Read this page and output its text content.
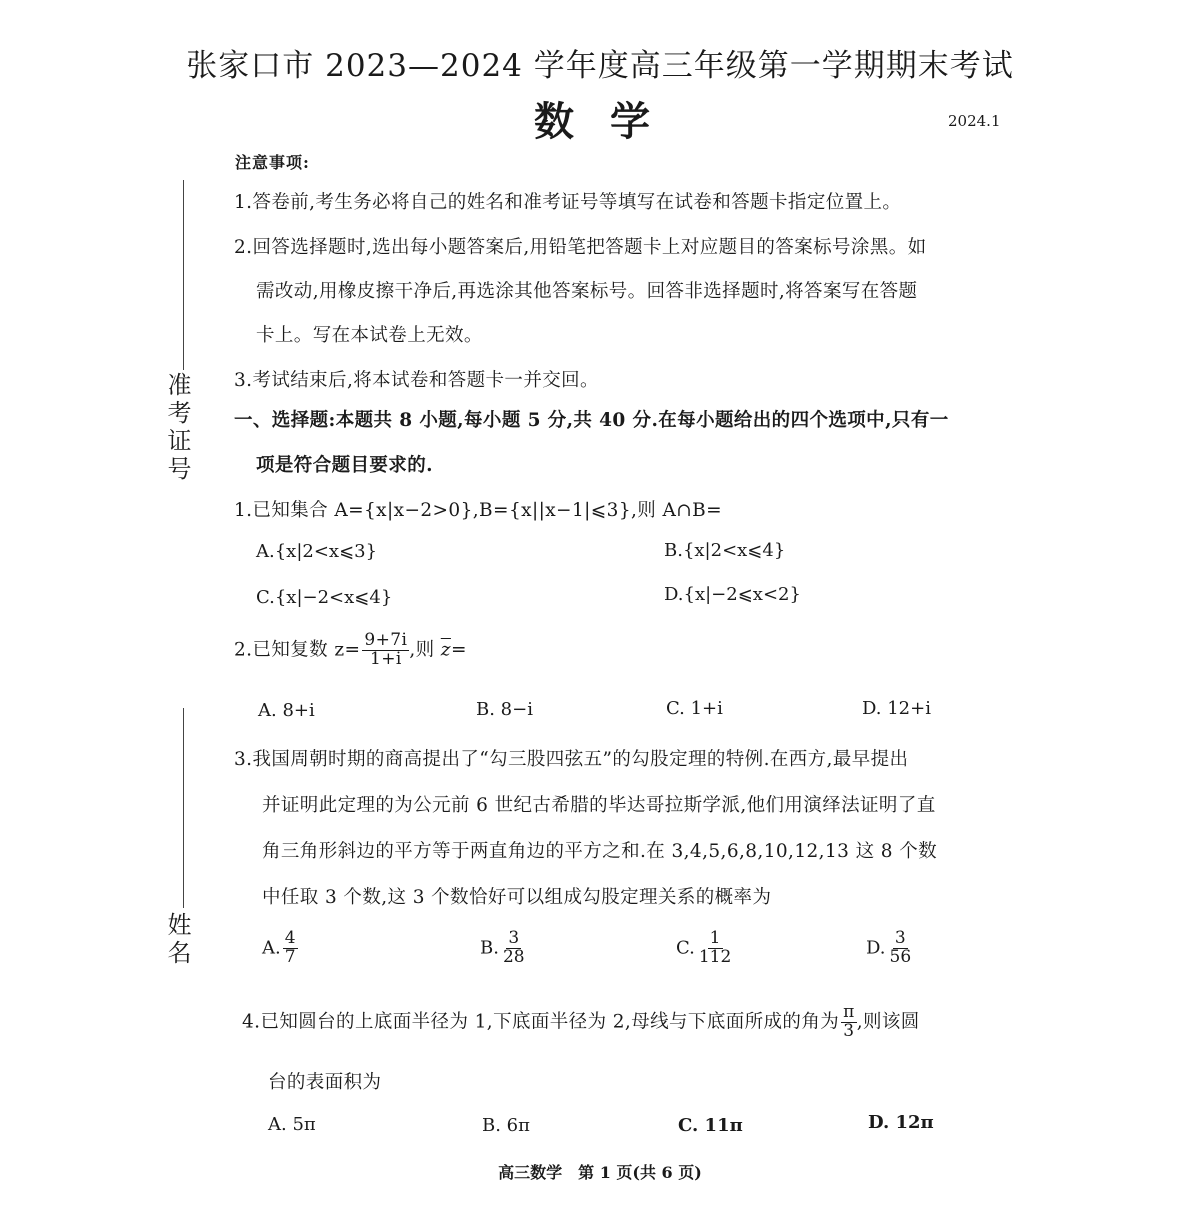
张家口市 2023—2024 学年度高三年级第一学期期末考试
数学	2024.1
准考证号
姓名
注意事项:
1.答卷前,考生务必将自己的姓名和准考证号等填写在试卷和答题卡指定位置上。
2.回答选择题时,选出每小题答案后,用铅笔把答题卡上对应题目的答案标号涂黑。如
需改动,用橡皮擦干净后,再选涂其他答案标号。回答非选择题时,将答案写在答题
卡上。写在本试卷上无效。
3.考试结束后,将本试卷和答题卡一并交回。
一、选择题:本题共 8 小题,每小题 5 分,共 40 分.在每小题给出的四个选项中,只有一
项是符合题目要求的.
1.已知集合 A={x|x−2>0},B={x||x−1|⩽3},则 A∩B=
A.{x|2<x⩽3}	B.{x|2<x⩽4}
C.{x|−2<x⩽4}	D.{x|−2⩽x<2}
2.已知复数 $z= \frac{9+7i}{1+i}$ ,则 $\overline{z}=$
A. 8+i	B. 8−i	C. 1+i	D. 12+i
3.我国周朝时期的商高提出了“勾三股四弦五”的勾股定理的特例.在西方,最早提出
并证明此定理的为公元前 6 世纪古希腊的毕达哥拉斯学派,他们用演绎法证明了直
角三角形斜边的平方等于两直角边的平方之和.在 3,4,5,6,8,10,12,13 这 8 个数
中任取 3 个数,这 3 个数恰好可以组成勾股定理关系的概率为
A. $\frac{4}{7}$	B. $\frac{3}{28}$	C. $\frac{1}{112}$	D. $\frac{3}{56}$
4.已知圆台的上底面半径为 1,下底面半径为 2,母线与下底面所成的角为 $\frac{\pi}{3}$ ,则该圆
台的表面积为
A. 5π	B. 6π	C. 11π	D. 12π
高三数学　第 1 页(共 6 页)
